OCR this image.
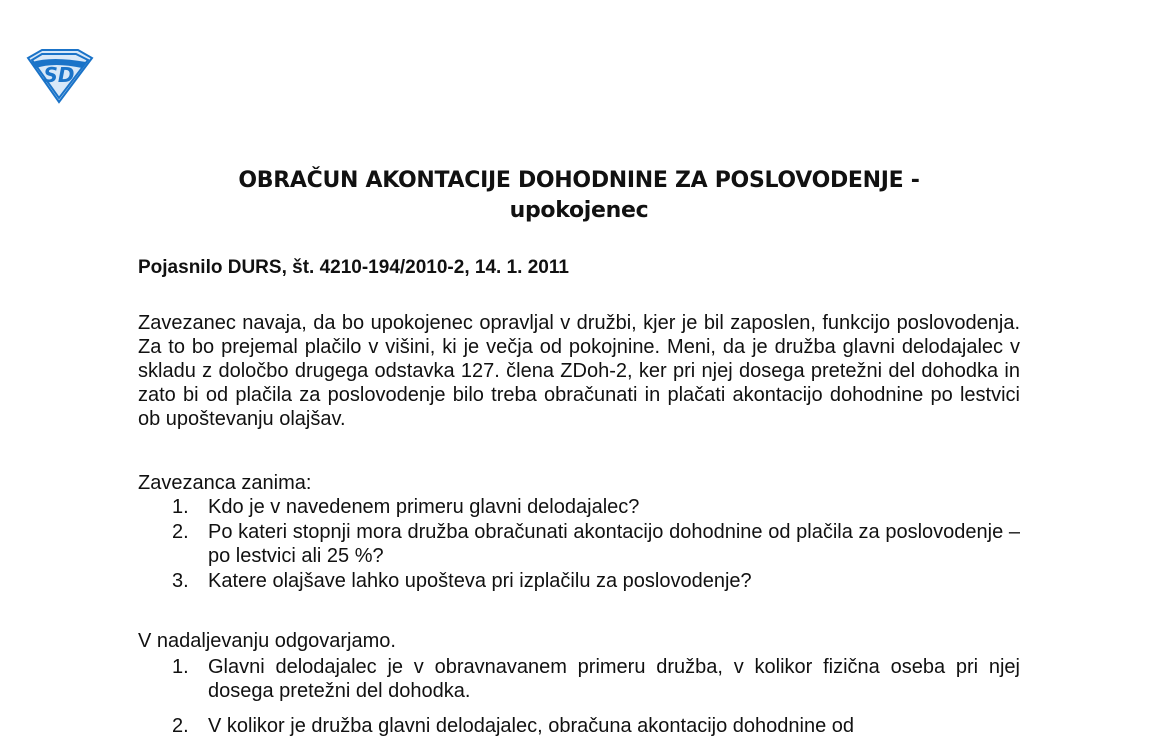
SD
OBRAČUN AKONTACIJE DOHODNINE ZA POSLOVODENJE -
upokojenec

Pojasnilo DURS, št. 4210-194/2010-2, 14. 1. 2011

Zavezanec navaja, da bo upokojenec opravljal v družbi, kjer je bil zaposlen, funkcijo poslovodenja. Za to bo prejemal plačilo v višini, ki je večja od pokojnine. Meni, da je družba glavni delodajalec v skladu z določbo drugega odstavka 127. člena ZDoh-2, ker pri njej dosega pretežni del dohodka in zato bi od plačila za poslovodenje bilo treba obračunati in plačati akontacijo dohodnine po lestvici ob upoštevanju olajšav.

Zavezanca zanima:

1. Kdo je v navedenem primeru glavni delodajalec?
2. Po kateri stopnji mora družba obračunati akontacijo dohodnine od plačila za poslovodenje – po lestvici ali 25 %?
3. Katere olajšave lahko upošteva pri izplačilu za poslovodenje?

V nadaljevanju odgovarjamo.

1. Glavni delodajalec je v obravnavanem primeru družba, v kolikor fizična oseba pri njej dosega pretežni del dohodka.
2. V kolikor je družba glavni delodajalec, obračuna akontacijo dohodnine od
